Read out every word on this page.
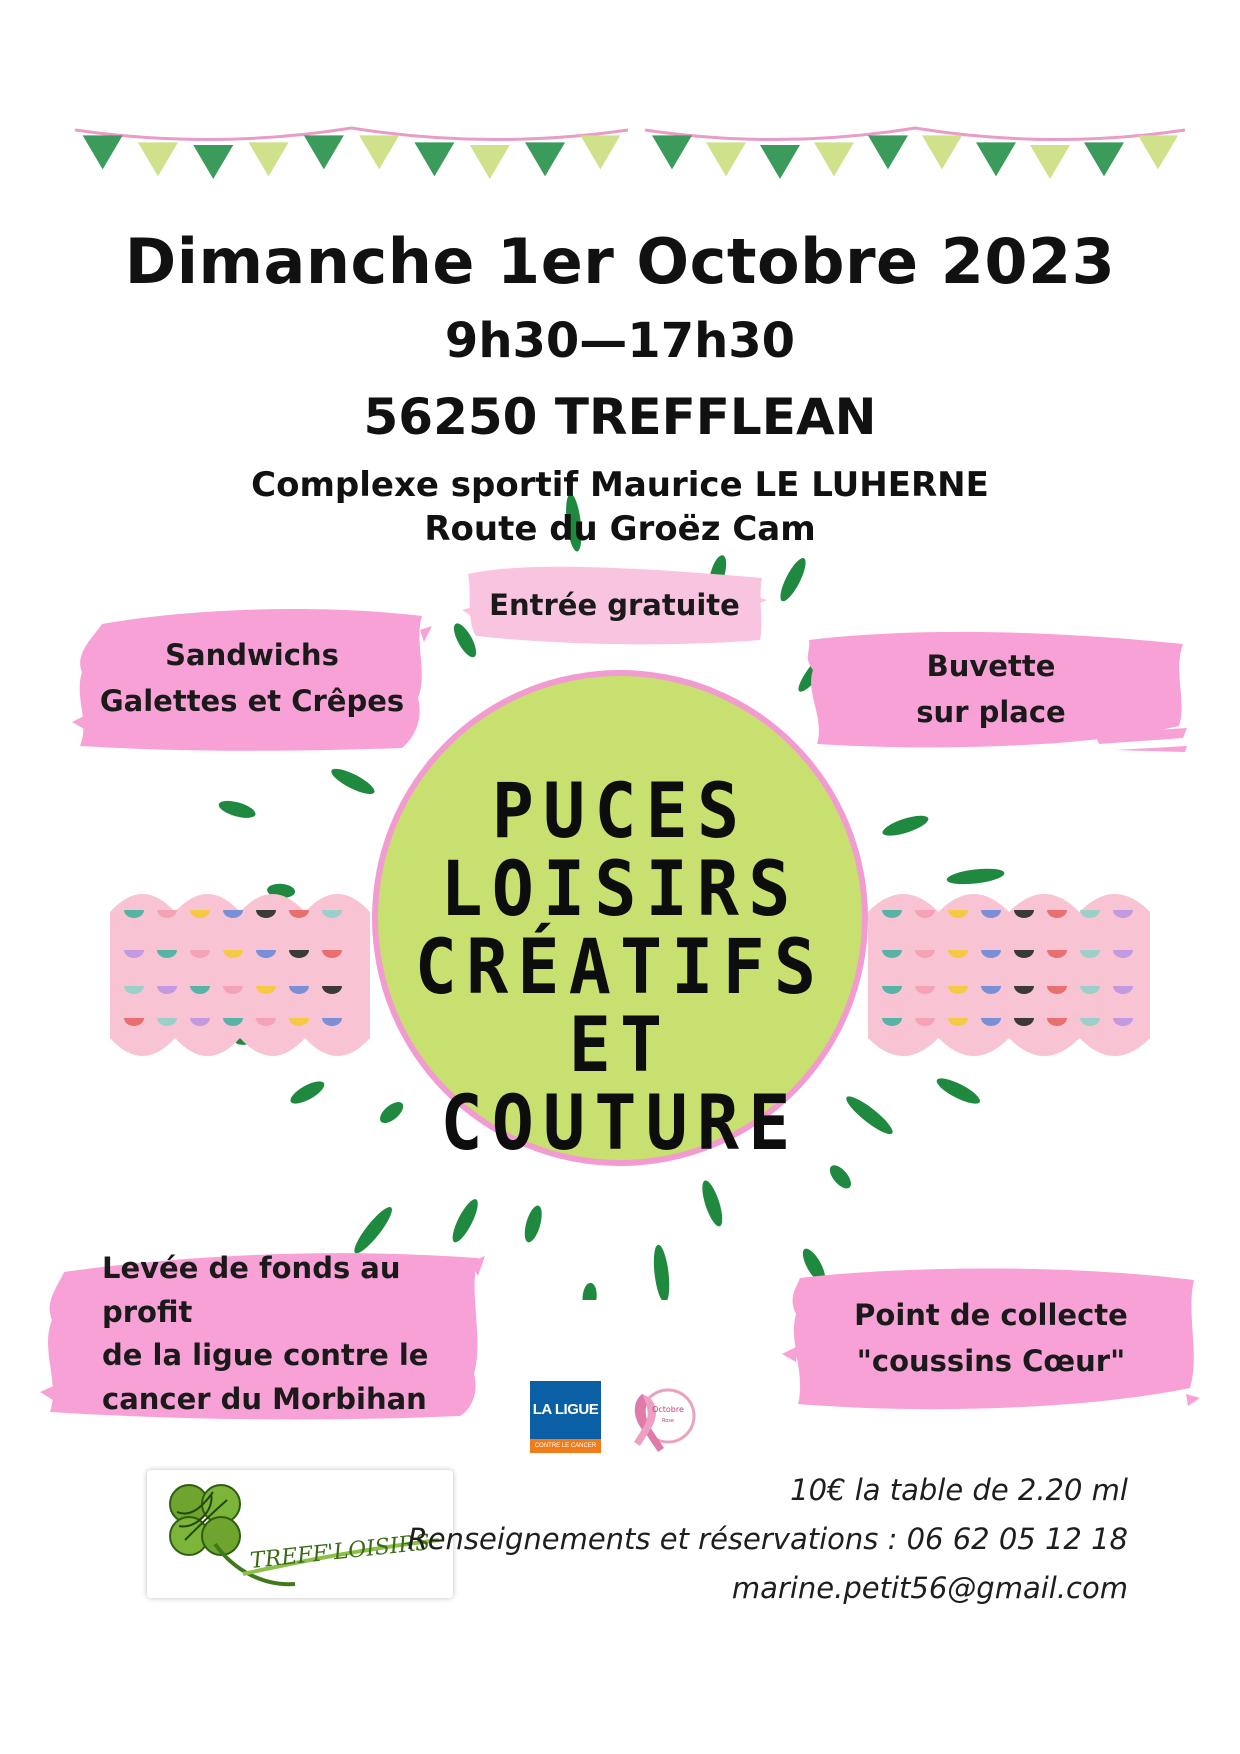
Dimanche 1er Octobre 2023
9h30—17h30
56250 TREFFLEAN
Complexe sportif Maurice LE LUHERNE
Route du Groëz Cam
Entrée gratuite
Sandwichs
Galettes et Crêpes
Buvette
sur place
Levée de fonds au profit
de la ligue contre le
cancer du Morbihan
Point de collecte
"coussins Cœur"
PUCES
LOISIRS
CRÉATIFS
ET
COUTURE
LA LIGUE
CONTRE LE CANCER
Octobre
Rose
TREFF'LOISIRS
10€ la table de 2.20 ml
Renseignements et réservations : 06 62 05 12 18
marine.petit56@gmail.com
